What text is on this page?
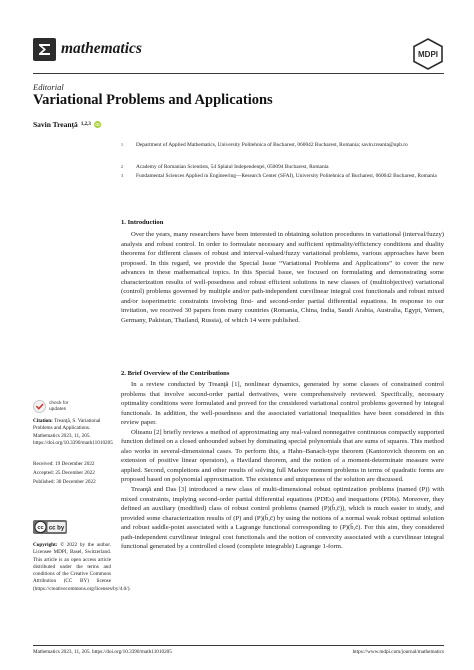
mathematics	MDPI
Editorial
Variational Problems and Applications
Savin Treanţă 1,2,3 iD
1	Department of Applied Mathematics, University Politehnica of Bucharest, 060042 Bucharest, Romania; savin.treanta@upb.ro
2	Academy of Romanian Scientists, 54 Splaiul Independenţei, 050094 Bucharest, Romania
3	Fundamental Sciences Applied in Engineering—Research Center (SFAI), University Politehnica of Bucharest, 060042 Bucharest, Romania
1. Introduction

Over the years, many researchers have been interested in obtaining solution procedures in variational (interval/fuzzy) analysis and robust control. In order to formulate necessary and sufficient optimality/efficiency conditions and duality theorems for different classes of robust and interval-valued/fuzzy variational problems, various approaches have been proposed. In this regard, we provide the Special Issue “Variational Problems and Applications” to cover the new advances in these mathematical topics. In this Special Issue, we focused on formulating and demonstrating some characterization results of well-posedness and robust efficient solutions in new classes of (multiobjective) variational (control) problems governed by multiple and/or path-independent curvilinear integral cost functionals and robust mixed and/or isoperimetric constraints involving first- and second-order partial differential equations. In response to our invitation, we received 30 papers from many countries (Romania, China, India, Saudi Arabia, Australia, Egypt, Yemen, Germany, Pakistan, Thailand, Russia), of which 14 were published.

2. Brief Overview of the Contributions

In a review conducted by Treanţă [1], nonlinear dynamics, generated by some classes of constrained control problems that involve second-order partial derivatives, were comprehensively reviewed. Specifically, necessary optimality conditions were formulated and proved for the considered variational control problems governed by integral functionals. In addition, the well-posedness and the associated variational inequalities have been considered in this review paper.

Olteanu [2] briefly reviews a method of approximating any real-valued nonnegative continuous compactly supported function defined on a closed unbounded subset by dominating special polynomials that are sums of squares. This method also works in several-dimensional cases. To perform this, a Hahn–Banach-type theorem (Kantorovich theorem on an extension of positive linear operators), a Haviland theorem, and the notion of a moment-determinate measure were applied. Second, completions and other results of solving full Markov moment problems in terms of quadratic forms are proposed based on polynomial approximation. The existence and uniqueness of the solution are discussed.

Treanţă and Das [3] introduced a new class of multi-dimensional robust optimization problems (named (P)) with mixed constraints, implying second-order partial differential equations (PDEs) and inequations (PDIs). Moreover, they defined an auxiliary (modified) class of robust control problems (named (P)(b̄,c̄)), which is much easier to study, and provided some characterization results of (P) and (P)(b̄,c̄) by using the notions of a normal weak robust optimal solution and robust saddle-point associated with a Lagrange functional corresponding to (P)(b̄,c̄). For this aim, they considered path-independent curvilinear integral cost functionals and the notion of convexity associated with a curvilinear integral functional generated by a controlled closed (complete integrable) Lagrange 1-form.

check for updates
Citation: Treanţă, S. Variational Problems and Applications. Mathematics 2023, 11, 205. https://doi.org/10.3390/math11010205
Received: 19 December 2022
Accepted: 25 December 2022
Published: 30 December 2022
cc cc by
Copyright: © 2022 by the author. Licensee MDPI, Basel, Switzerland. This article is an open access article distributed under the terms and conditions of the Creative Commons Attribution (CC BY) license (https://creativecommons.org/licenses/by/4.0/).
Mathematics 2023, 11, 205. https://doi.org/10.3390/math11010205	https://www.mdpi.com/journal/mathematics
